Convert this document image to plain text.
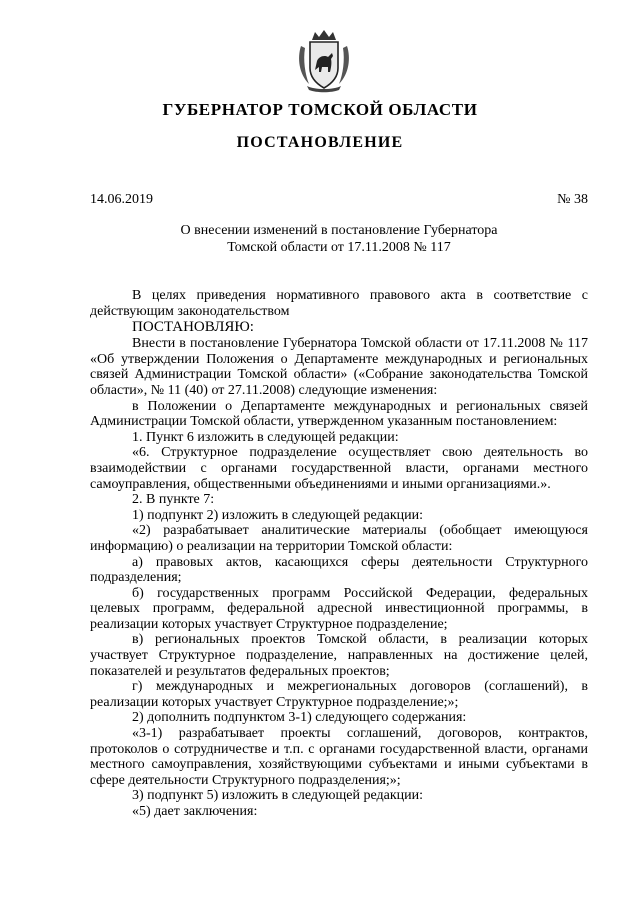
ГУБЕРНАТОР ТОМСКОЙ ОБЛАСТИ
ПОСТАНОВЛЕНИЕ
14.06.2019	№ 38
О внесении изменений в постановление Губернатора
Томской области от 17.11.2008 № 117

В целях приведения нормативного правового акта в соответствие с действующим законодательством

ПОСТАНОВЛЯЮ:

Внести в постановление Губернатора Томской области от 17.11.2008 № 117 «Об утверждении Положения о Департаменте международных и региональных связей Администрации Томской области» («Собрание законодательства Томской области», № 11 (40) от 27.11.2008) следующие изменения:

в Положении о Департаменте международных и региональных связей Администрации Томской области, утвержденном указанным постановлением:

1. Пункт 6 изложить в следующей редакции:

«6. Структурное подразделение осуществляет свою деятельность во взаимодействии с органами государственной власти, органами местного самоуправления, общественными объединениями и иными организациями.».

2. В пункте 7:

1) подпункт 2) изложить в следующей редакции:

«2) разрабатывает аналитические материалы (обобщает имеющуюся информацию) о реализации на территории Томской области:

а) правовых актов, касающихся сферы деятельности Структурного подразделения;

б) государственных программ Российской Федерации, федеральных целевых программ, федеральной адресной инвестиционной программы, в реализации которых участвует Структурное подразделение;

в) региональных проектов Томской области, в реализации которых участвует Структурное подразделение, направленных на достижение целей, показателей и результатов федеральных проектов;

г) международных и межрегиональных договоров (соглашений), в реализации которых участвует Структурное подразделение;»;

2) дополнить подпунктом 3-1) следующего содержания:

«3-1) разрабатывает проекты соглашений, договоров, контрактов, протоколов о сотрудничестве и т.п. с органами государственной власти, органами местного самоуправления, хозяйствующими субъектами и иными субъектами в сфере деятельности Структурного подразделения;»;

3) подпункт 5) изложить в следующей редакции:

«5) дает заключения:
